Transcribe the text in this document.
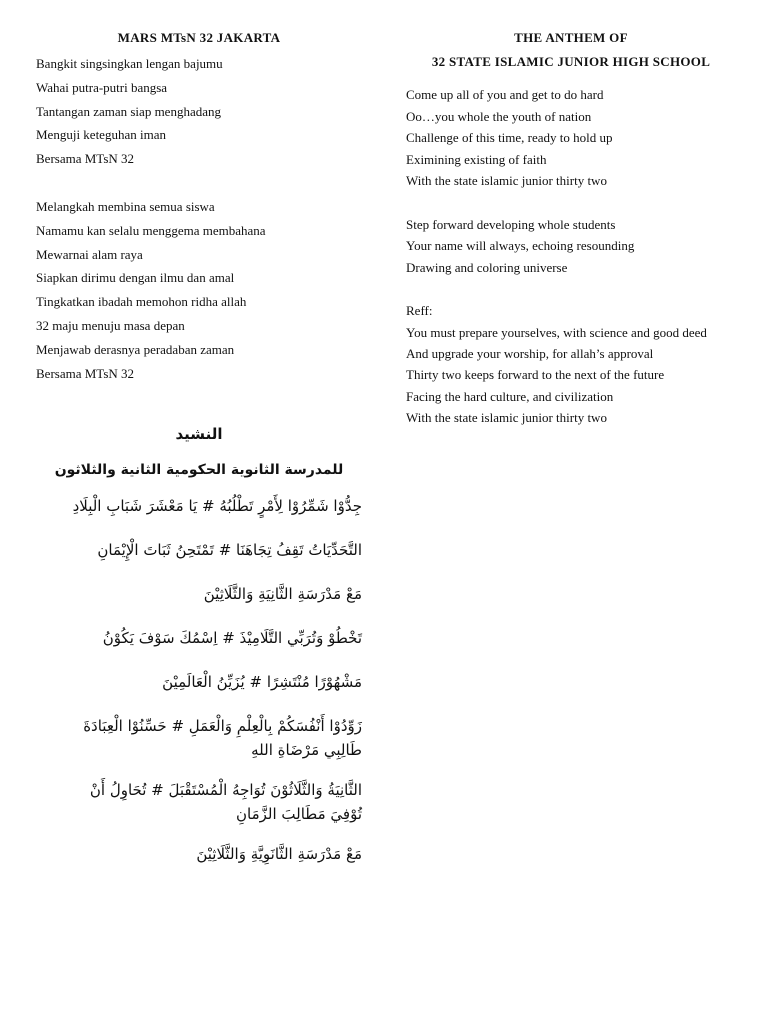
MARS MTsN 32 JAKARTA
Bangkit singsingkan lengan bajumu
Wahai putra-putri bangsa
Tantangan zaman siap menghadang
Menguji keteguhan iman
Bersama MTsN 32
Melangkah membina semua siswa
Namamu kan selalu menggema membahana
Mewarnai alam raya
Siapkan dirimu dengan ilmu dan amal
Tingkatkan ibadah memohon ridha allah
32 maju menuju masa depan
Menjawab derasnya peradaban zaman
Bersama MTsN 32
THE ANTHEM OF
32 STATE ISLAMIC JUNIOR HIGH SCHOOL
Come up all of you and get to do hard
Oo…you whole the youth of nation
Challenge of this time, ready to hold up
Eximining existing of faith
With the state islamic junior thirty two
Step forward developing whole students
Your name will always, echoing resounding
Drawing and coloring universe
Reff:
You must prepare yourselves, with science and good deed
And upgrade your worship, for allah’s approval
Thirty two keeps forward to the next of the future
Facing the hard culture, and civilization
With the state islamic junior thirty two
النشيد
للمدرسة الثانوية الحكومية الثانية والثلاثون

جِدُّوْا شَمِّرُوْا لِأَمْرٍ تَطْلُبُهُ # يَا مَعْشَرَ شَبَابِ الْبِلَادِ

التَّحَدِّيَاتُ تَقِفُ تِجَاهَنَا # تَمْتَحِنُ ثَبَاتَ الْإِيْمَانِ

مَعْ مَدْرَسَةِ الثَّانِيَةِ وَالثَّلَاثِيْنَ

تَخْطُوْ وَتُرَبِّي التَّلَامِيْذَ # اِسْمُكَ سَوْفَ يَكُوْنُ

مَشْهُوْرًا مُنْتَشِرًا # يُزَيِّنُ الْعَالَمِيْنَ

زَوِّدُوْا أَنْفُسَكُمْ بِالْعِلْمِ وَالْعَمَلِ # حَسِّنُوْا الْعِبَادَةَ

طَالِبِي مَرْضَاةِ اللهِ

الثَّانِيَةُ وَالثَّلَاثُوْنَ تُوَاجِهُ الْمُسْتَقْبَلَ # تُحَاوِلُ أَنْ

تُوْفِيَ مَطَالِبَ الزَّمَانِ

مَعْ مَدْرَسَةِ الثَّانَوِيَّةِ وَالثَّلَاثِيْنَ
